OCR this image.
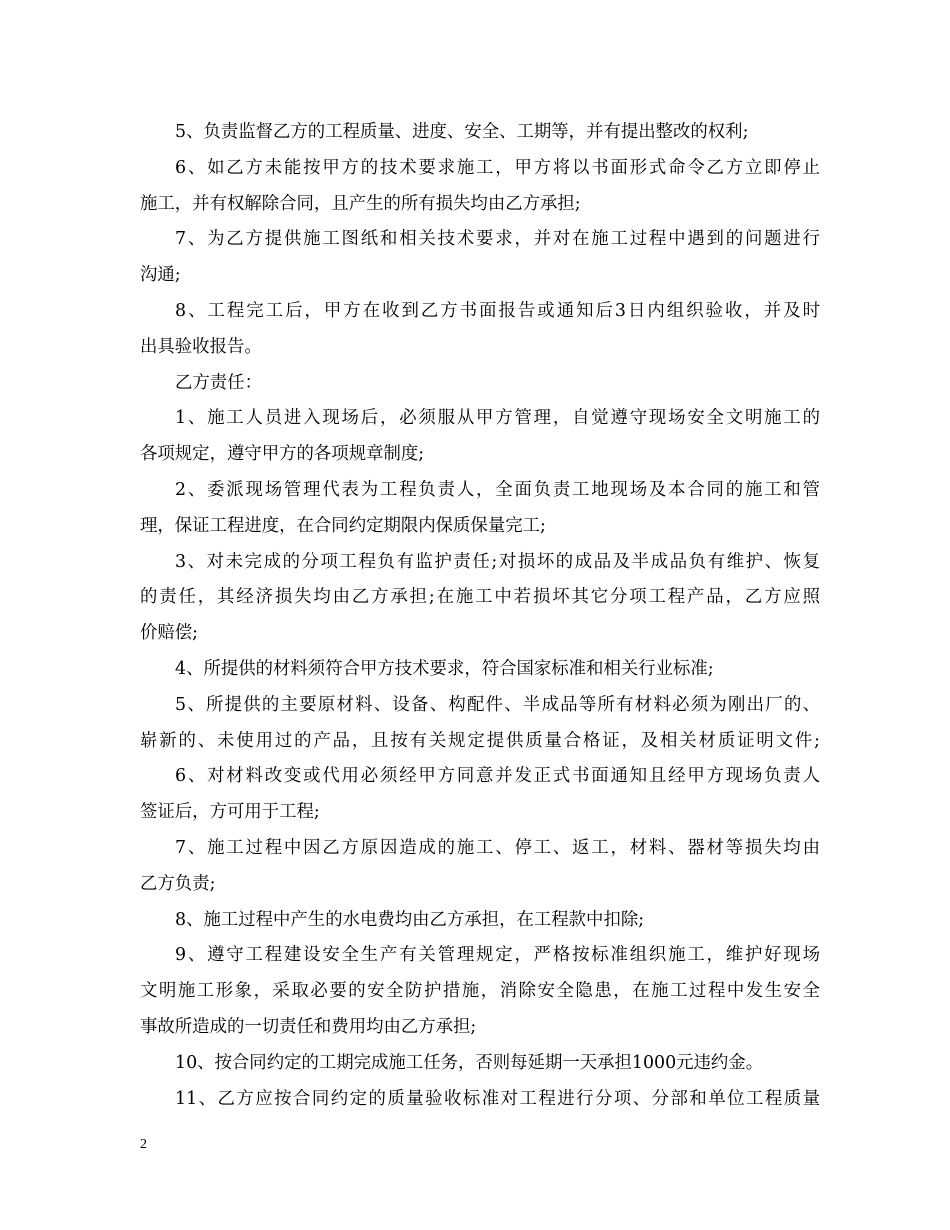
5、负责监督乙方的工程质量、进度、安全、工期等，并有提出整改的权利;
6、如乙方未能按甲方的技术要求施工，甲方将以书面形式命令乙方立即停止
施工，并有权解除合同，且产生的所有损失均由乙方承担;
7、为乙方提供施工图纸和相关技术要求，并对在施工过程中遇到的问题进行
沟通;
8、工程完工后，甲方在收到乙方书面报告或通知后3日内组织验收，并及时
出具验收报告。
乙方责任：
1、施工人员进入现场后，必须服从甲方管理，自觉遵守现场安全文明施工的
各项规定，遵守甲方的各项规章制度;
2、委派现场管理代表为工程负责人，全面负责工地现场及本合同的施工和管
理，保证工程进度，在合同约定期限内保质保量完工;
3、对未完成的分项工程负有监护责任;对损坏的成品及半成品负有维护、恢复
的责任，其经济损失均由乙方承担;在施工中若损坏其它分项工程产品，乙方应照
价赔偿;
4、所提供的材料须符合甲方技术要求，符合国家标准和相关行业标准;
5、所提供的主要原材料、设备、构配件、半成品等所有材料必须为刚出厂的、
崭新的、未使用过的产品，且按有关规定提供质量合格证，及相关材质证明文件;
6、对材料改变或代用必须经甲方同意并发正式书面通知且经甲方现场负责人
签证后，方可用于工程;
7、施工过程中因乙方原因造成的施工、停工、返工，材料、器材等损失均由
乙方负责;
8、施工过程中产生的水电费均由乙方承担，在工程款中扣除;
9、遵守工程建设安全生产有关管理规定，严格按标准组织施工，维护好现场
文明施工形象，采取必要的安全防护措施，消除安全隐患，在施工过程中发生安全
事故所造成的一切责任和费用均由乙方承担;
10、按合同约定的工期完成施工任务，否则每延期一天承担1000元违约金。
11、乙方应按合同约定的质量验收标准对工程进行分项、分部和单位工程质量
2
